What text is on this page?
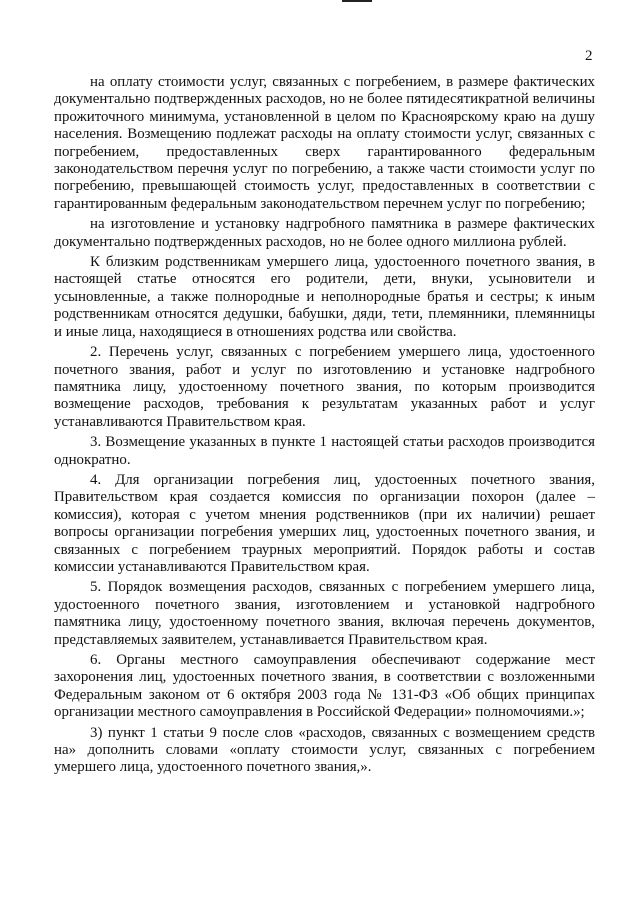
2

на оплату стоимости услуг, связанных с погребением, в размере фактических документально подтвержденных расходов, но не более пятидесятикратной величины прожиточного минимума, установленной в целом по Красноярскому краю на душу населения. Возмещению подлежат расходы на оплату стоимости услуг, связанных с погребением, предоставленных сверх гарантированного федеральным законодательством перечня услуг по погребению, а также части стоимости услуг по погребению, превышающей стоимость услуг, предоставленных в соответствии с гарантированным федеральным законодательством перечнем услуг по погребению;

на изготовление и установку надгробного памятника в размере фактических документально подтвержденных расходов, но не более одного миллиона рублей.

К близким родственникам умершего лица, удостоенного почетного звания, в настоящей статье относятся его родители, дети, внуки, усыновители и усыновленные, а также полнородные и неполнородные братья и сестры; к иным родственникам относятся дедушки, бабушки, дяди, тети, племянники, племянницы и иные лица, находящиеся в отношениях родства или свойства.

2. Перечень услуг, связанных с погребением умершего лица, удостоенного почетного звания, работ и услуг по изготовлению и установке надгробного памятника лицу, удостоенному почетного звания, по которым производится возмещение расходов, требования к результатам указанных работ и услуг устанавливаются Правительством края.

3. Возмещение указанных в пункте 1 настоящей статьи расходов производится однократно.

4. Для организации погребения лиц, удостоенных почетного звания, Правительством края создается комиссия по организации похорон (далее – комиссия), которая с учетом мнения родственников (при их наличии) решает вопросы организации погребения умерших лиц, удостоенных почетного звания, и связанных с погребением траурных мероприятий. Порядок работы и состав комиссии устанавливаются Правительством края.

5. Порядок возмещения расходов, связанных с погребением умершего лица, удостоенного почетного звания, изготовлением и установкой надгробного памятника лицу, удостоенному почетного звания, включая перечень документов, представляемых заявителем, устанавливается Правительством края.

6. Органы местного самоуправления обеспечивают содержание мест захоронения лиц, удостоенных почетного звания, в соответствии с возложенными Федеральным законом от 6 октября 2003 года № 131-ФЗ «Об общих принципах организации местного самоуправления в Российской Федерации» полномочиями.»;

3) пункт 1 статьи 9 после слов «расходов, связанных с возмещением средств на» дополнить словами «оплату стоимости услуг, связанных с погребением умершего лица, удостоенного почетного звания,».
